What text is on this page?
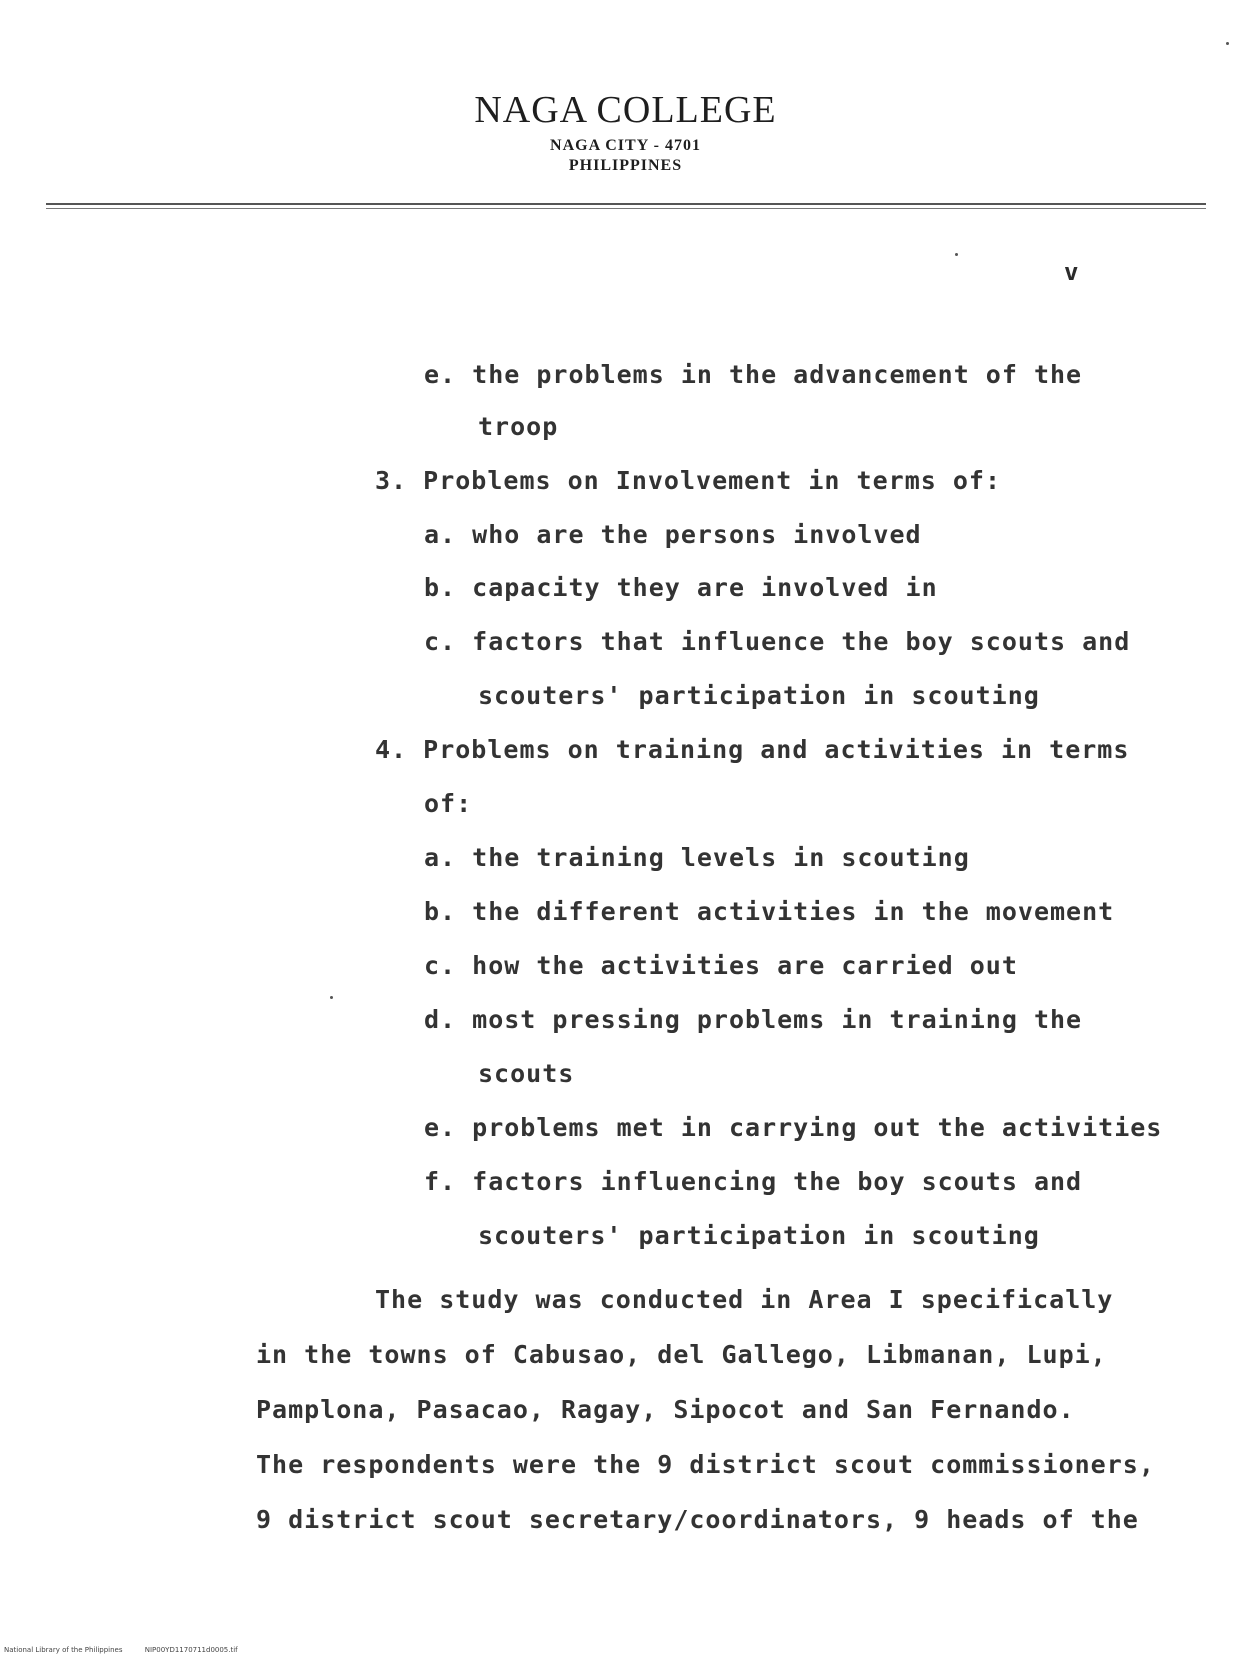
NAGA COLLEGE
NAGA CITY - 4701
PHILIPPINES
v
e. the problems in the advancement of the
troop
3. Problems on Involvement in terms of:
a. who are the persons involved
b. capacity they are involved in
c. factors that influence the boy scouts and
scouters' participation in scouting
4. Problems on training and activities in terms
of:
a. the training levels in scouting
b. the different activities in the movement
c. how the activities are carried out
d. most pressing problems in training the
scouts
e. problems met in carrying out the activities
f. factors influencing the boy scouts and
scouters' participation in scouting
The study was conducted in Area I specifically
in the towns of Cabusao, del Gallego, Libmanan, Lupi,
Pamplona, Pasacao, Ragay, Sipocot and San Fernando.
The respondents were the 9 district scout commissioners,
9 district scout secretary/coordinators, 9 heads of the
National Library of the Philippines	NIP00YD1170711d0005.tif
